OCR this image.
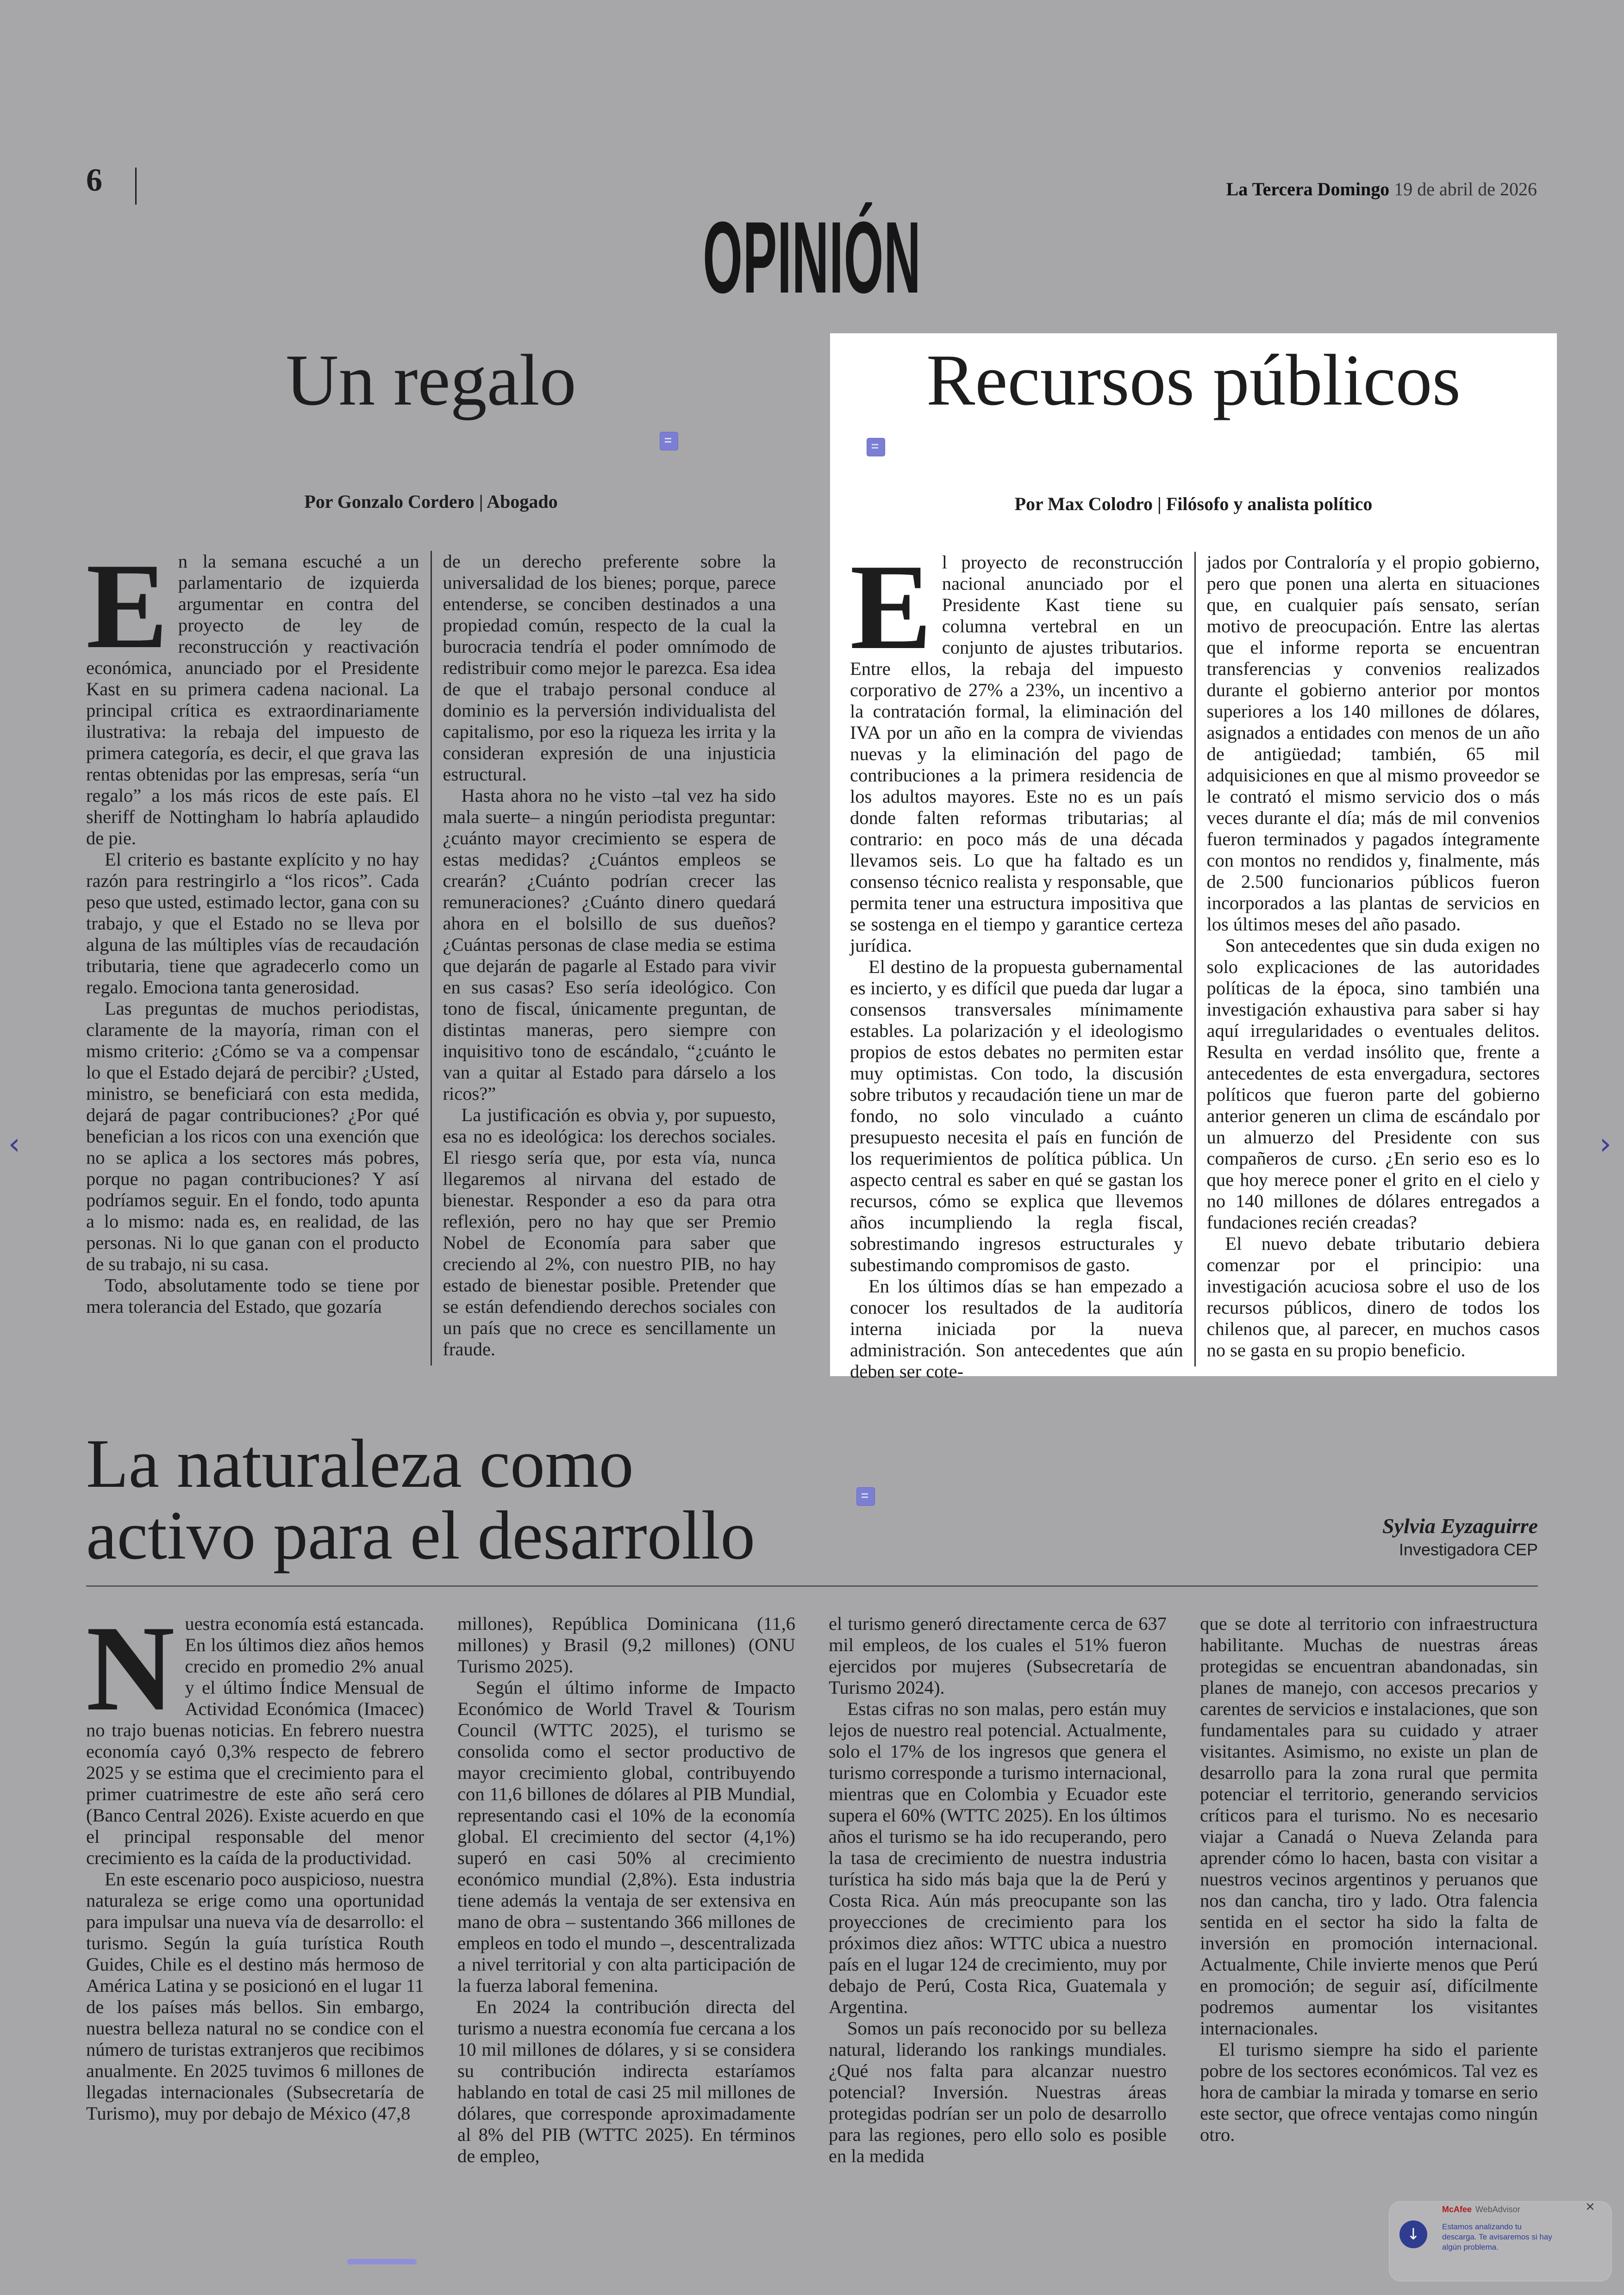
6	La Tercera Domingo 19 de abril de 2026
OPINIÓN
Un regalo
Por Gonzalo Cordero | Abogado
E n la semana escuché a un parlamentario de izquierda argumentar en contra del proyecto de ley de reconstrucción y reactivación económica, anunciado por el Presidente Kast en su primera cadena nacional. La principal crítica es extraordinariamente ilustrativa: la rebaja del impuesto de primera categoría, es decir, el que grava las rentas obtenidas por las empresas, sería “un regalo” a los más ricos de este país. El sheriff de Nottingham lo habría aplaudido de pie.

El criterio es bastante explícito y no hay razón para restringirlo a “los ricos”. Cada peso que usted, estimado lector, gana con su trabajo, y que el Estado no se lleva por alguna de las múltiples vías de recaudación tributaria, tiene que agradecerlo como un regalo. Emociona tanta generosidad.

Las preguntas de muchos periodistas, claramente de la mayoría, riman con el mismo criterio: ¿Cómo se va a compensar lo que el Estado dejará de percibir? ¿Usted, ministro, se beneficiará con esta medida, dejará de pagar contribuciones? ¿Por qué benefician a los ricos con una exención que no se aplica a los sectores más pobres, porque no pagan contribuciones? Y así podríamos seguir. En el fondo, todo apunta a lo mismo: nada es, en realidad, de las personas. Ni lo que ganan con el producto de su trabajo, ni su casa.

Todo, absolutamente todo se tiene por mera tolerancia del Estado, que gozaría

de un derecho preferente sobre la universalidad de los bienes; porque, parece entenderse, se conciben destinados a una propiedad común, respecto de la cual la burocracia tendría el poder omnímodo de redistribuir como mejor le parezca. Esa idea de que el trabajo personal conduce al dominio es la perversión individualista del capitalismo, por eso la riqueza les irrita y la consideran expresión de una injusticia estructural.

Hasta ahora no he visto –tal vez ha sido mala suerte– a ningún periodista preguntar: ¿cuánto mayor crecimiento se espera de estas medidas? ¿Cuántos empleos se crearán? ¿Cuánto podrían crecer las remuneraciones? ¿Cuánto dinero quedará ahora en el bolsillo de sus dueños? ¿Cuántas personas de clase media se estima que dejarán de pagarle al Estado para vivir en sus casas? Eso sería ideológico. Con tono de fiscal, únicamente preguntan, de distintas maneras, pero siempre con inquisitivo tono de escándalo, “¿cuánto le van a quitar al Estado para dárselo a los ricos?”

La justificación es obvia y, por supuesto, esa no es ideológica: los derechos sociales. El riesgo sería que, por esta vía, nunca llegaremos al nirvana del estado de bienestar. Responder a eso da para otra reflexión, pero no hay que ser Premio Nobel de Economía para saber que creciendo al 2%, con nuestro PIB, no hay estado de bienestar posible. Pretender que se están defendiendo derechos sociales con un país que no crece es sencillamente un fraude.

Recursos públicos
Por Max Colodro | Filósofo y analista político
E l proyecto de reconstrucción nacional anunciado por el Presidente Kast tiene su columna vertebral en un conjunto de ajustes tributarios. Entre ellos, la rebaja del impuesto corporativo de 27% a 23%, un incentivo a la contratación formal, la eliminación del IVA por un año en la compra de viviendas nuevas y la eliminación del pago de contribuciones a la primera residencia de los adultos mayores. Este no es un país donde falten reformas tributarias; al contrario: en poco más de una década llevamos seis. Lo que ha faltado es un consenso técnico realista y responsable, que permita tener una estructura impositiva que se sostenga en el tiempo y garantice certeza jurídica.

El destino de la propuesta gubernamental es incierto, y es difícil que pueda dar lugar a consensos transversales mínimamente estables. La polarización y el ideologismo propios de estos debates no permiten estar muy optimistas. Con todo, la discusión sobre tributos y recaudación tiene un mar de fondo, no solo vinculado a cuánto presupuesto necesita el país en función de los requerimientos de política pública. Un aspecto central es saber en qué se gastan los recursos, cómo se explica que llevemos años incumpliendo la regla fiscal, sobrestimando ingresos estructurales y subestimando compromisos de gasto.

En los últimos días se han empezado a conocer los resultados de la auditoría interna iniciada por la nueva administración. Son antecedentes que aún deben ser cote-

jados por Contraloría y el propio gobierno, pero que ponen una alerta en situaciones que, en cualquier país sensato, serían motivo de preocupación. Entre las alertas que el informe reporta se encuentran transferencias y convenios realizados durante el gobierno anterior por montos superiores a los 140 millones de dólares, asignados a entidades con menos de un año de antigüedad; también, 65 mil adquisiciones en que al mismo proveedor se le contrató el mismo servicio dos o más veces durante el día; más de mil convenios fueron terminados y pagados íntegramente con montos no rendidos y, finalmente, más de 2.500 funcionarios públicos fueron incorporados a las plantas de servicios en los últimos meses del año pasado.

Son antecedentes que sin duda exigen no solo explicaciones de las autoridades políticas de la época, sino también una investigación exhaustiva para saber si hay aquí irregularidades o eventuales delitos. Resulta en verdad insólito que, frente a antecedentes de esta envergadura, sectores políticos que fueron parte del gobierno anterior generen un clima de escándalo por un almuerzo del Presidente con sus compañeros de curso. ¿En serio eso es lo que hoy merece poner el grito en el cielo y no 140 millones de dólares entregados a fundaciones recién creadas?

El nuevo debate tributario debiera comenzar por el principio: una investigación acuciosa sobre el uso de los recursos públicos, dinero de todos los chilenos que, al parecer, en muchos casos no se gasta en su propio beneficio.

La naturaleza como
activo para el desarrollo	Sylvia Eyzaguirre
Investigadora CEP
N uestra economía está estancada. En los últimos diez años hemos crecido en promedio 2% anual y el último Índice Mensual de Actividad Económica (Imacec) no trajo buenas noticias. En febrero nuestra economía cayó 0,3% respecto de febrero 2025 y se estima que el crecimiento para el primer cuatrimestre de este año será cero (Banco Central 2026). Existe acuerdo en que el principal responsable del menor crecimiento es la caída de la productividad.

En este escenario poco auspicioso, nuestra naturaleza se erige como una oportunidad para impulsar una nueva vía de desarrollo: el turismo. Según la guía turística Routh Guides, Chile es el destino más hermoso de América Latina y se posicionó en el lugar 11 de los países más bellos. Sin embargo, nuestra belleza natural no se condice con el número de turistas extranjeros que recibimos anualmente. En 2025 tuvimos 6 millones de llegadas internacionales (Subsecretaría de Turismo), muy por debajo de México (47,8

millones), República Dominicana (11,6 millones) y Brasil (9,2 millones) (ONU Turismo 2025).

Según el último informe de Impacto Económico de World Travel & Tourism Council (WTTC 2025), el turismo se consolida como el sector productivo de mayor crecimiento global, contribuyendo con 11,6 billones de dólares al PIB Mundial, representando casi el 10% de la economía global. El crecimiento del sector (4,1%) superó en casi 50% al crecimiento económico mundial (2,8%). Esta industria tiene además la ventaja de ser extensiva en mano de obra – sustentando 366 millones de empleos en todo el mundo –, descentralizada a nivel territorial y con alta participación de la fuerza laboral femenina.

En 2024 la contribución directa del turismo a nuestra economía fue cercana a los 10 mil millones de dólares, y si se considera su contribución indirecta estaríamos hablando en total de casi 25 mil millones de dólares, que corresponde aproximadamente al 8% del PIB (WTTC 2025). En términos de empleo,

el turismo generó directamente cerca de 637 mil empleos, de los cuales el 51% fueron ejercidos por mujeres (Subsecretaría de Turismo 2024).

Estas cifras no son malas, pero están muy lejos de nuestro real potencial. Actualmente, solo el 17% de los ingresos que genera el turismo corresponde a turismo internacional, mientras que en Colombia y Ecuador este supera el 60% (WTTC 2025). En los últimos años el turismo se ha ido recuperando, pero la tasa de crecimiento de nuestra industria turística ha sido más baja que la de Perú y Costa Rica. Aún más preocupante son las proyecciones de crecimiento para los próximos diez años: WTTC ubica a nuestro país en el lugar 124 de crecimiento, muy por debajo de Perú, Costa Rica, Guatemala y Argentina.

Somos un país reconocido por su belleza natural, liderando los rankings mundiales. ¿Qué nos falta para alcanzar nuestro potencial? Inversión. Nuestras áreas protegidas podrían ser un polo de desarrollo para las regiones, pero ello solo es posible en la medida

que se dote al territorio con infraestructura habilitante. Muchas de nuestras áreas protegidas se encuentran abandonadas, sin planes de manejo, con accesos precarios y carentes de servicios e instalaciones, que son fundamentales para su cuidado y atraer visitantes. Asimismo, no existe un plan de desarrollo para la zona rural que permita potenciar el territorio, generando servicios críticos para el turismo. No es necesario viajar a Canadá o Nueva Zelanda para aprender cómo lo hacen, basta con visitar a nuestros vecinos argentinos y peruanos que nos dan cancha, tiro y lado. Otra falencia sentida en el sector ha sido la falta de inversión en promoción internacional. Actualmente, Chile invierte menos que Perú en promoción; de seguir así, difícilmente podremos aumentar los visitantes internacionales.

El turismo siempre ha sido el pariente pobre de los sectores económicos. Tal vez es hora de cambiar la mirada y tomarse en serio este sector, que ofrece ventajas como ningún otro.

‹	›
McAfee WebAdvisor	×
↓	Estamos analizando tu descarga. Te avisaremos si hay algún problema.
